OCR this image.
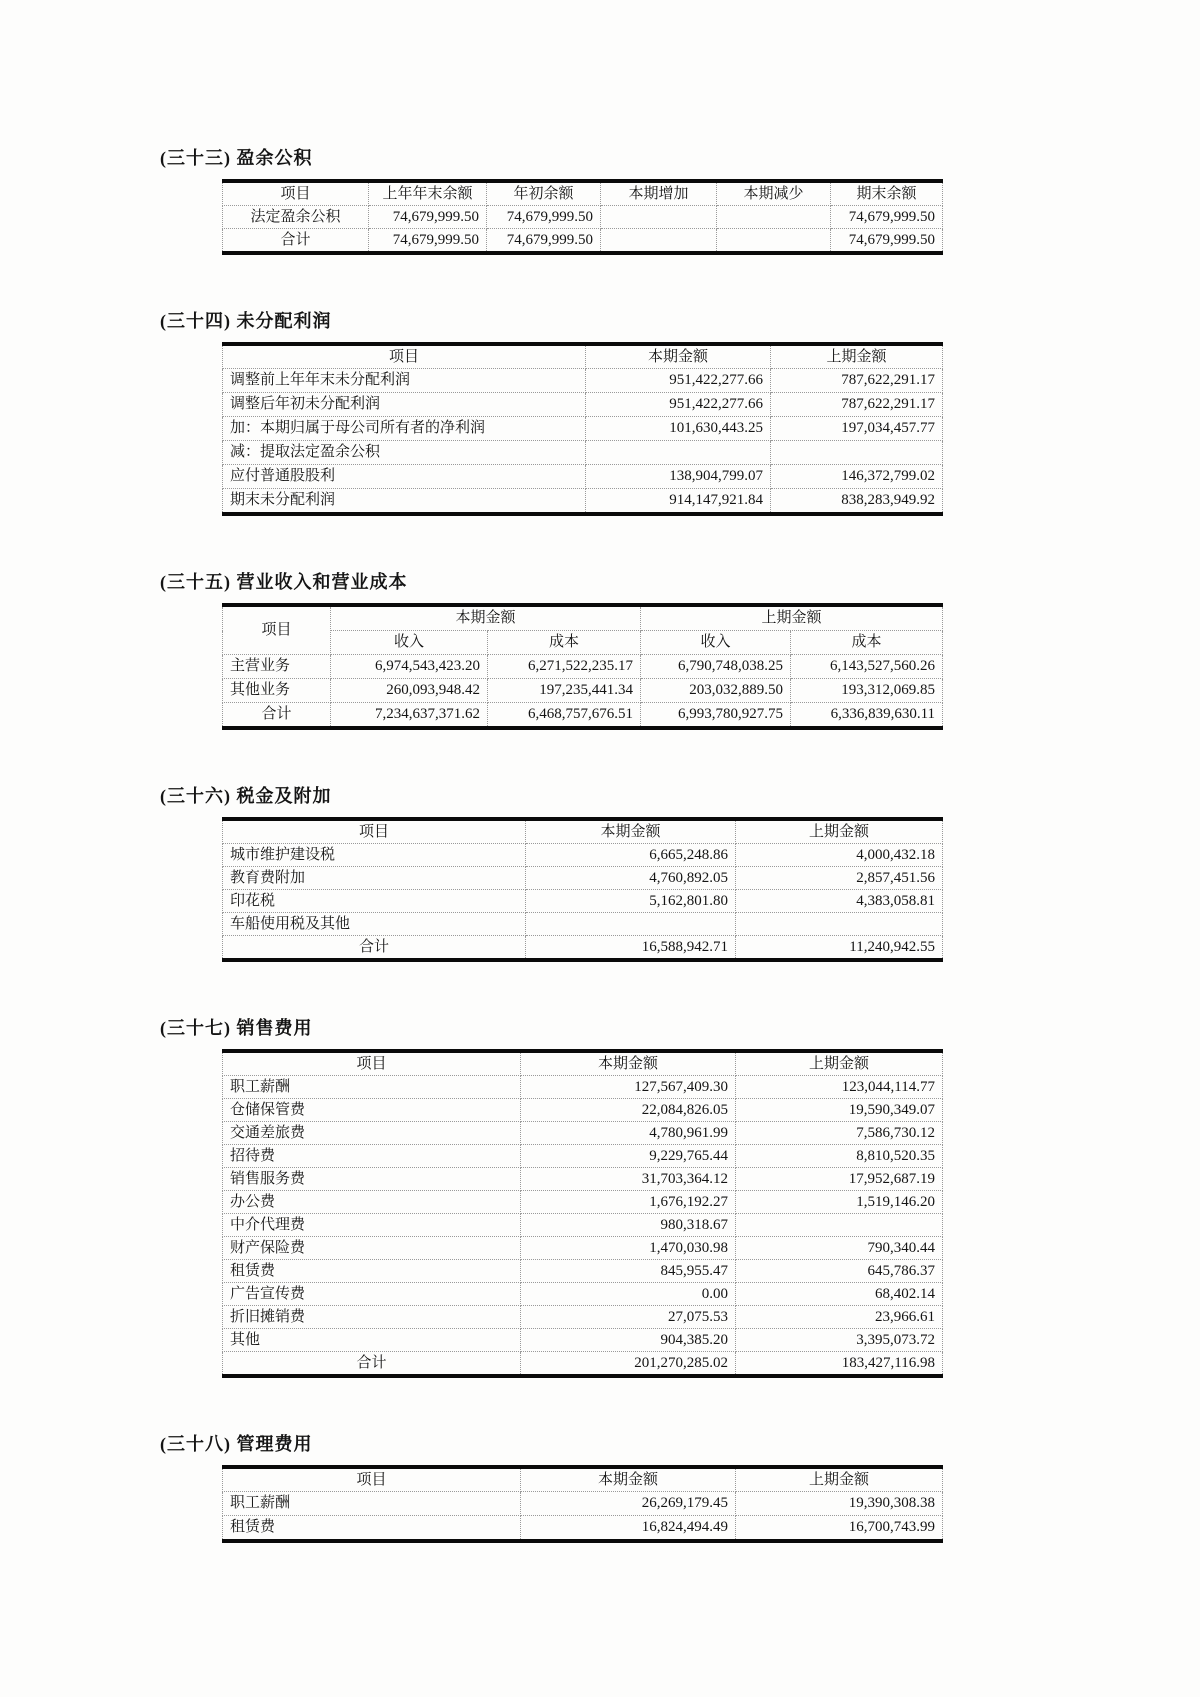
(三十三) 盈余公积
项目	上年年末余额	年初余额	本期增加	本期减少	期末余额
法定盈余公积	74,679,999.50	74,679,999.50			74,679,999.50
合计	74,679,999.50	74,679,999.50			74,679,999.50
(三十四) 未分配利润
项目	本期金额	上期金额
调整前上年年末未分配利润	951,422,277.66	787,622,291.17
调整后年初未分配利润	951,422,277.66	787,622,291.17
加：本期归属于母公司所有者的净利润	101,630,443.25	197,034,457.77
减：提取法定盈余公积		
应付普通股股利	138,904,799.07	146,372,799.02
期末未分配利润	914,147,921.84	838,283,949.92
(三十五) 营业收入和营业成本
项目	本期金额		上期金额	
	收入	成本	收入	成本
主营业务	6,974,543,423.20	6,271,522,235.17	6,790,748,038.25	6,143,527,560.26
其他业务	260,093,948.42	197,235,441.34	203,032,889.50	193,312,069.85
合计	7,234,637,371.62	6,468,757,676.51	6,993,780,927.75	6,336,839,630.11
(三十六) 税金及附加
项目	本期金额	上期金额
城市维护建设税	6,665,248.86	4,000,432.18
教育费附加	4,760,892.05	2,857,451.56
印花税	5,162,801.80	4,383,058.81
车船使用税及其他		
合计	16,588,942.71	11,240,942.55
(三十七) 销售费用
项目	本期金额	上期金额
职工薪酬	127,567,409.30	123,044,114.77
仓储保管费	22,084,826.05	19,590,349.07
交通差旅费	4,780,961.99	7,586,730.12
招待费	9,229,765.44	8,810,520.35
销售服务费	31,703,364.12	17,952,687.19
办公费	1,676,192.27	1,519,146.20
中介代理费	980,318.67	
财产保险费	1,470,030.98	790,340.44
租赁费	845,955.47	645,786.37
广告宣传费	0.00	68,402.14
折旧摊销费	27,075.53	23,966.61
其他	904,385.20	3,395,073.72
合计	201,270,285.02	183,427,116.98
(三十八) 管理费用
项目	本期金额	上期金额
职工薪酬	26,269,179.45	19,390,308.38
租赁费	16,824,494.49	16,700,743.99
